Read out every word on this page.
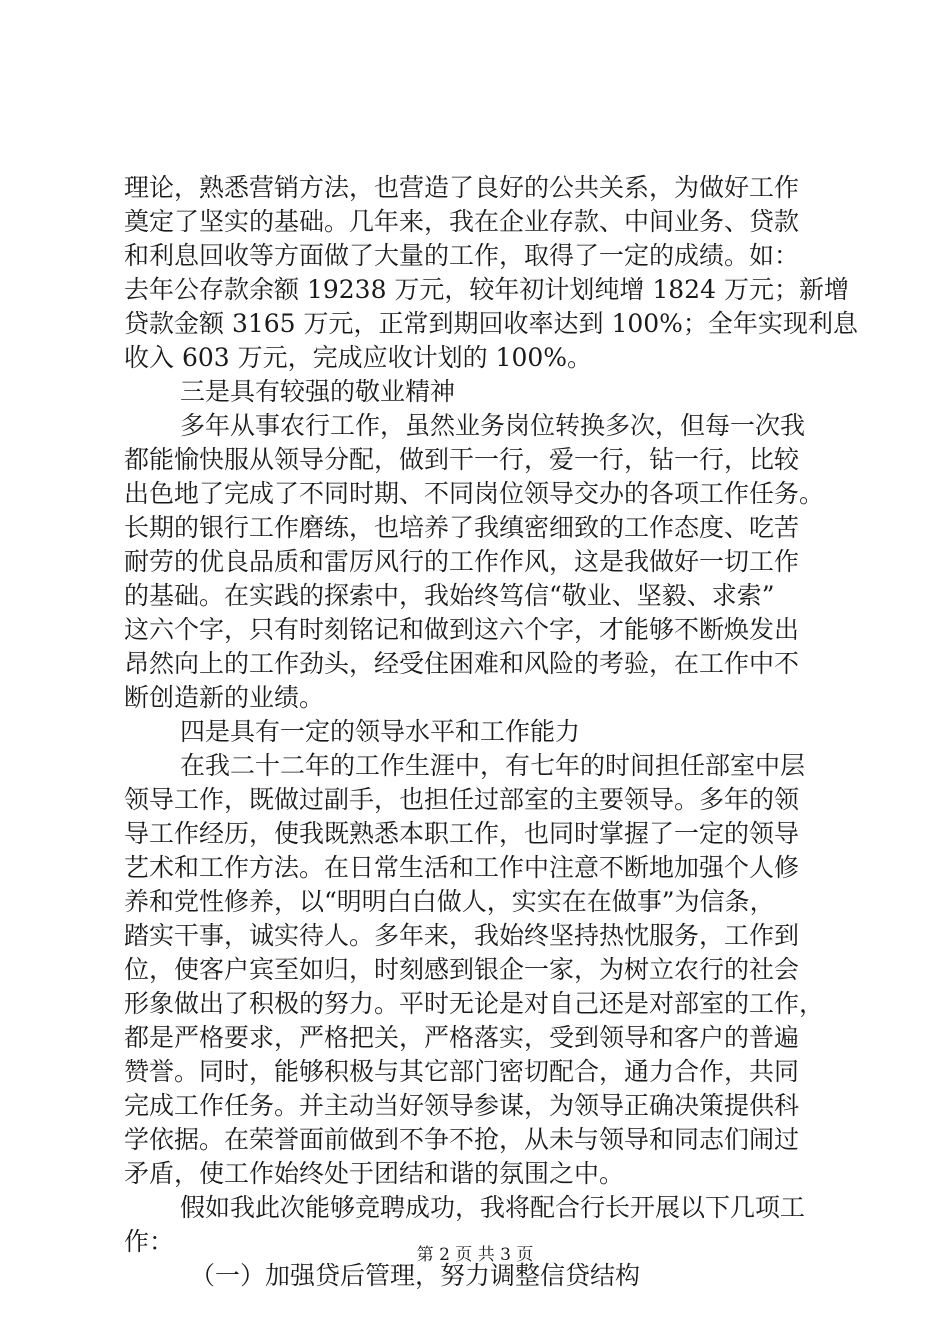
理论，熟悉营销方法，也营造了良好的公共关系，为做好工作
奠定了坚实的基础。几年来，我在企业存款、中间业务、贷款
和利息回收等方面做了大量的工作，取得了一定的成绩。如：
去年公存款余额 19238 万元，较年初计划纯增 1824 万元；新增
贷款金额 3165 万元，正常到期回收率达到 100%；全年实现利息
收入 603 万元，完成应收计划的 100%。
三是具有较强的敬业精神
多年从事农行工作，虽然业务岗位转换多次，但每一次我
都能愉快服从领导分配，做到干一行，爱一行，钻一行，比较
出色地了完成了不同时期、不同岗位领导交办的各项工作任务。
长期的银行工作磨练，也培养了我缜密细致的工作态度、吃苦
耐劳的优良品质和雷厉风行的工作作风，这是我做好一切工作
的基础。在实践的探索中，我始终笃信“敬业、坚毅、求索”
这六个字，只有时刻铭记和做到这六个字，才能够不断焕发出
昂然向上的工作劲头，经受住困难和风险的考验，在工作中不
断创造新的业绩。
四是具有一定的领导水平和工作能力
在我二十二年的工作生涯中，有七年的时间担任部室中层
领导工作，既做过副手，也担任过部室的主要领导。多年的领
导工作经历，使我既熟悉本职工作，也同时掌握了一定的领导
艺术和工作方法。在日常生活和工作中注意不断地加强个人修
养和党性修养，以“明明白白做人，实实在在做事”为信条，
踏实干事，诚实待人。多年来，我始终坚持热忱服务，工作到
位，使客户宾至如归，时刻感到银企一家，为树立农行的社会
形象做出了积极的努力。平时无论是对自己还是对部室的工作，
都是严格要求，严格把关，严格落实，受到领导和客户的普遍
赞誉。同时，能够积极与其它部门密切配合，通力合作，共同
完成工作任务。并主动当好领导参谋，为领导正确决策提供科
学依据。在荣誉面前做到不争不抢，从未与领导和同志们闹过
矛盾，使工作始终处于团结和谐的氛围之中。
假如我此次能够竞聘成功，我将配合行长开展以下几项工
作：
（一）加强贷后管理，努力调整信贷结构
第 2 页 共 3 页
